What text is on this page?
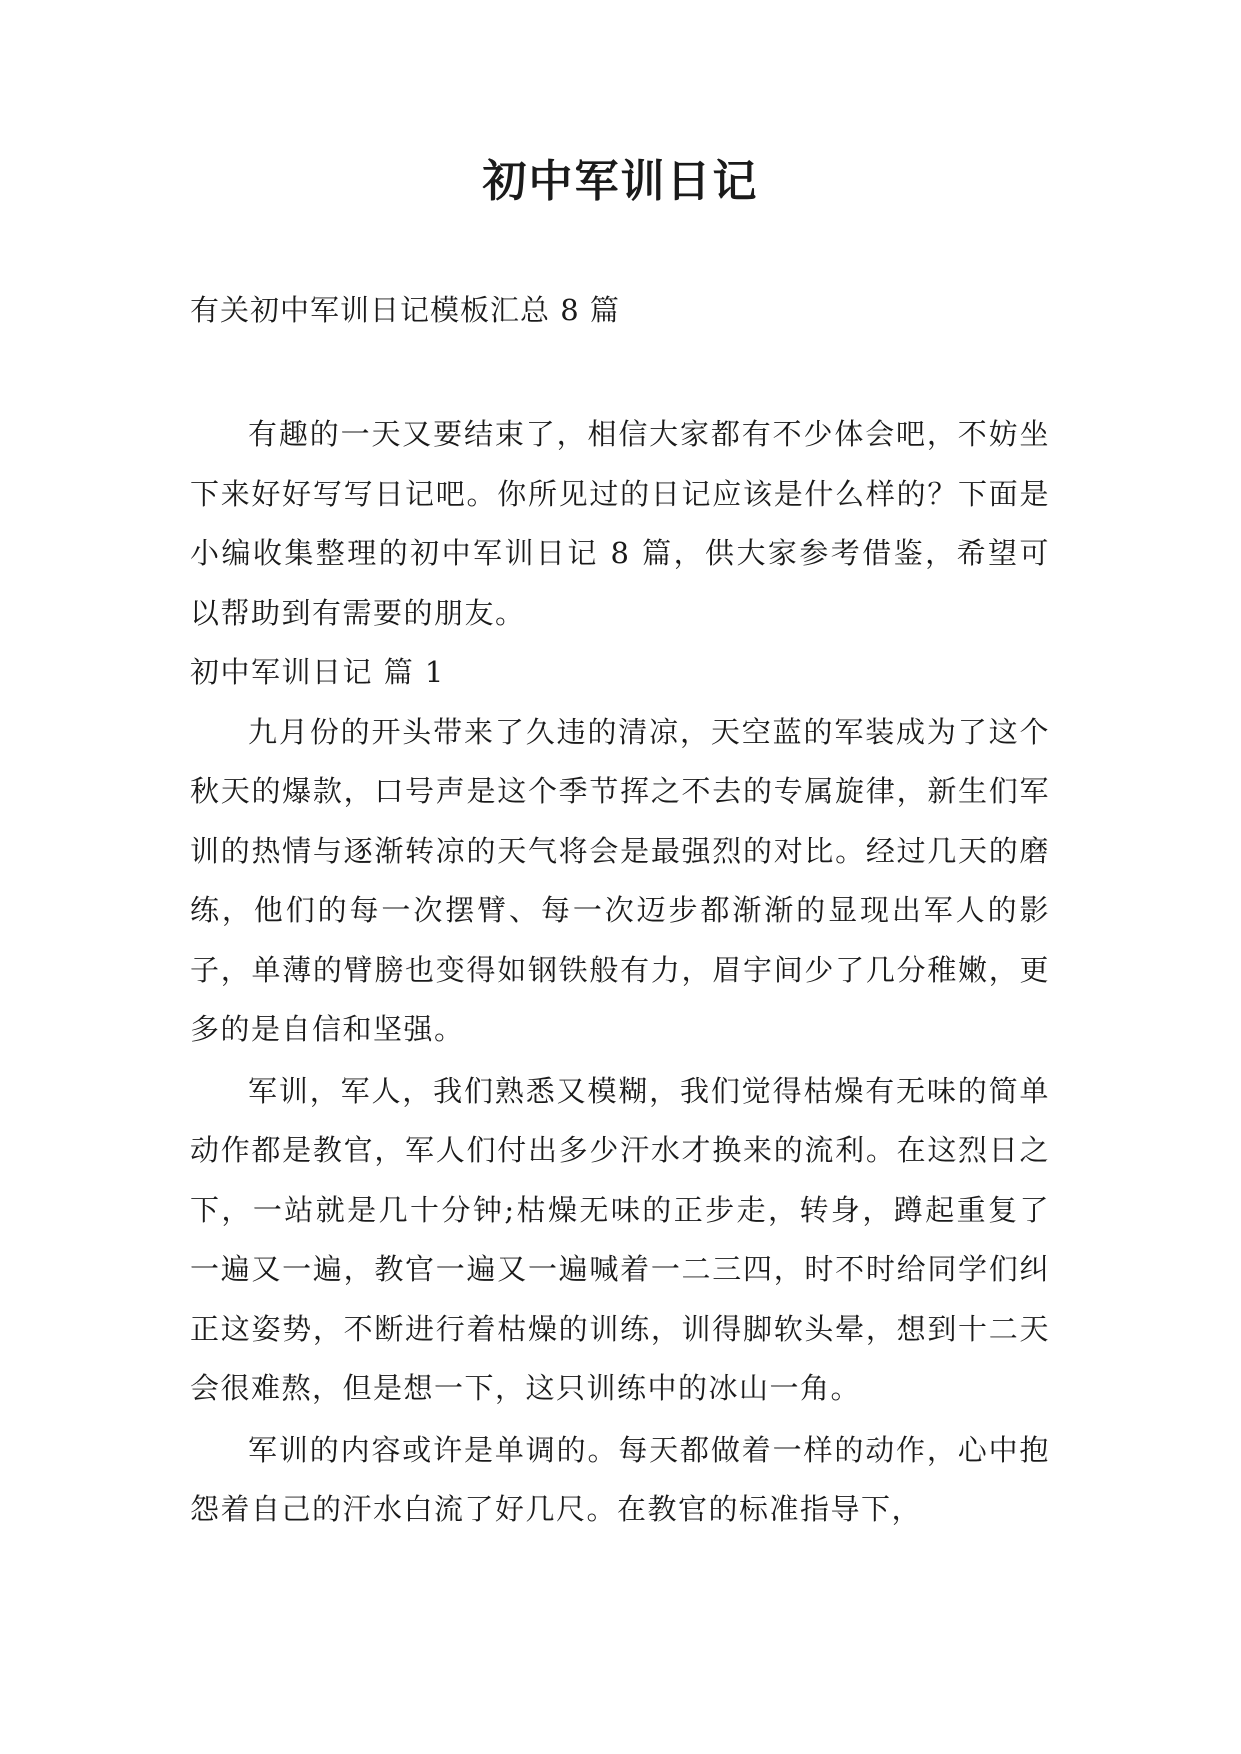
初中军训日记
有关初中军训日记模板汇总 8 篇

有趣的一天又要结束了，相信大家都有不少体会吧，不妨坐下来好好写写日记吧。你所见过的日记应该是什么样的？下面是小编收集整理的初中军训日记 8 篇，供大家参考借鉴，希望可以帮助到有需要的朋友。

初中军训日记 篇 1

九月份的开头带来了久违的清凉，天空蓝的军装成为了这个秋天的爆款，口号声是这个季节挥之不去的专属旋律，新生们军训的热情与逐渐转凉的天气将会是最强烈的对比。经过几天的磨练，他们的每一次摆臂、每一次迈步都渐渐的显现出军人的影子，单薄的臂膀也变得如钢铁般有力，眉宇间少了几分稚嫩，更多的是自信和坚强。

军训，军人，我们熟悉又模糊，我们觉得枯燥有无味的简单动作都是教官，军人们付出多少汗水才换来的流利。在这烈日之下，一站就是几十分钟;枯燥无味的正步走，转身，蹲起重复了一遍又一遍，教官一遍又一遍喊着一二三四，时不时给同学们纠正这姿势，不断进行着枯燥的训练，训得脚软头晕，想到十二天会很难熬，但是想一下，这只训练中的冰山一角。

军训的内容或许是单调的。每天都做着一样的动作，心中抱怨着自己的汗水白流了好几尺。在教官的标准指导下，
